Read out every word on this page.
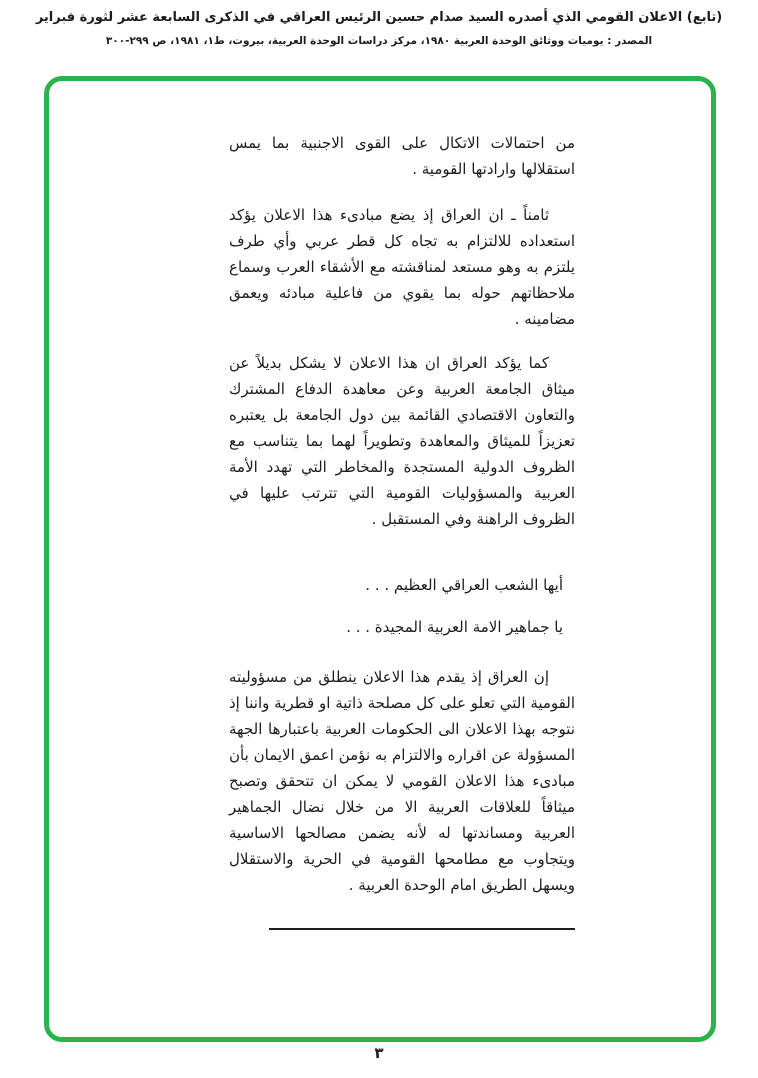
(تابع) الاعلان القومي الذي أصدره السيد صدام حسين الرئيس العراقي في الذكرى السابعة عشر لثورة فبراير
المصدر : يوميات ووثائق الوحدة العربية ١٩٨٠، مركز دراسات الوحدة العربية، بيروت، ط١، ١٩٨١، ص ٢٩٩-٣٠٠

من احتمالات الاتكال على القوى الاجنبية بما يمس استقلالها وارادتها القومية .

ثامناً ـ ان العراق إذ يضع مبادىء هذا الاعلان يؤكد استعداده للالتزام به تجاه كل قطر عربي وأي طرف يلتزم به وهو مستعد لمناقشته مع الأشقاء العرب وسماع ملاحظاتهم حوله بما يقوي من فاعلية مبادئه ويعمق مضامينه .

كما يؤكد العراق ان هذا الاعلان لا يشكل بديلاً عن ميثاق الجامعة العربية وعن معاهدة الدفاع المشترك والتعاون الاقتصادي القائمة بين دول الجامعة بل يعتبره تعزيزاً للميثاق والمعاهدة وتطويراً لهما بما يتناسب مع الظروف الدولية المستجدة والمخاطر التي تهدد الأمة العربية والمسؤوليات القومية التي تترتب عليها في الظروف الراهنة وفي المستقبل .

أيها الشعب العراقي العظيم . . .

يا جماهير الامة العربية المجيدة . . .

إن العراق إذ يقدم هذا الاعلان ينطلق من مسؤوليته القومية التي تعلو على كل مصلحة ذاتية او قطرية واننا إذ نتوجه بهذا الاعلان الى الحكومات العربية باعتبارها الجهة المسؤولة عن اقراره والالتزام به نؤمن اعمق الايمان بأن مبادىء هذا الاعلان القومي لا يمكن ان تتحقق وتصبح ميثاقاً للعلاقات العربية الا من خلال نضال الجماهير العربية ومساندتها له لأنه يضمن مصالحها الاساسية ويتجاوب مع مطامحها القومية في الحرية والاستقلال ويسهل الطريق امام الوحدة العربية .

٣
